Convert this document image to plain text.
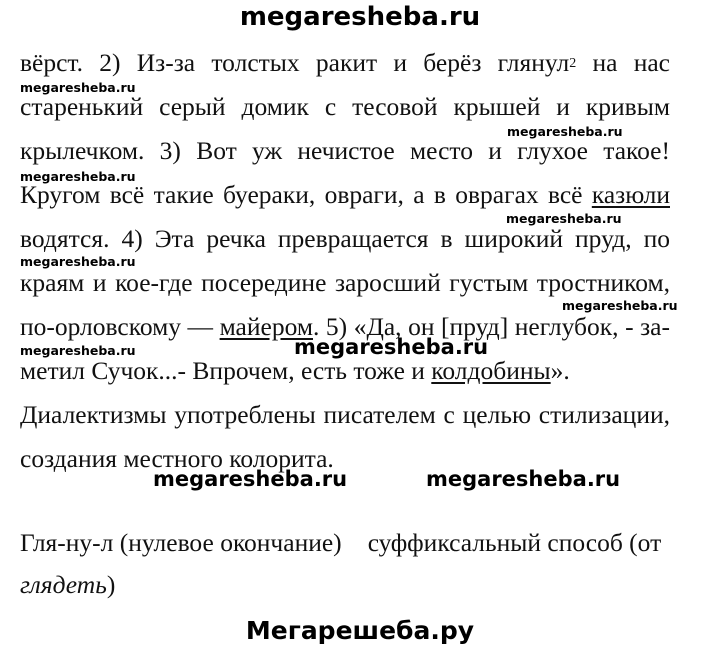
megaresheba.ru
megaresheba.ru
megaresheba.ru
megaresheba.ru
megaresheba.ru
megaresheba.ru
megaresheba.ru
megaresheba.ru	megaresheba.ru
megaresheba.ru	megaresheba.ru
Мегарешеба.ру
вёрст. 2) Из-за толстых ракит и берёз глянул$^2$ на нас
старенький серый домик с тесовой крышей и кривым
крылечком. 3) Вот уж нечистое место и глухое такое!
Кругом всё такие буераки, овраги, а в оврагах всё казюли
водятся. 4) Эта речка превращается в широкий пруд, по
краям и кое-где посередине заросший густым тростником,
по-орловскому — майером. 5) «Да, он [пруд] неглубок, - за-
метил Сучок...- Впрочем, есть тоже и колдобины».
Диалектизмы употреблены писателем с целью стилизации,
создания местного колорита.
Гля-ну-л (нулевое окончание) суффиксальный способ (от
глядеть)
